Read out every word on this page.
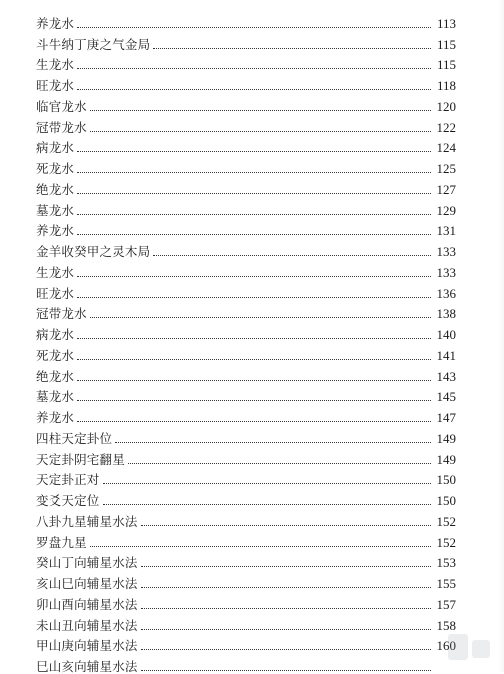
养龙水	113
斗牛纳丁庚之气金局	115
生龙水	115
旺龙水	118
临官龙水	120
冠带龙水	122
病龙水	124
死龙水	125
绝龙水	127
墓龙水	129
养龙水	131
金羊收癸甲之灵木局	133
生龙水	133
旺龙水	136
冠带龙水	138
病龙水	140
死龙水	141
绝龙水	143
墓龙水	145
养龙水	147
四柱天定卦位	149
天定卦阴宅翻星	149
天定卦正对	150
变爻天定位	150
八卦九星辅星水法	152
罗盘九星	152
癸山丁向辅星水法	153
亥山巳向辅星水法	155
卯山酉向辅星水法	157
未山丑向辅星水法	158
甲山庚向辅星水法	160
巳山亥向辅星水法
